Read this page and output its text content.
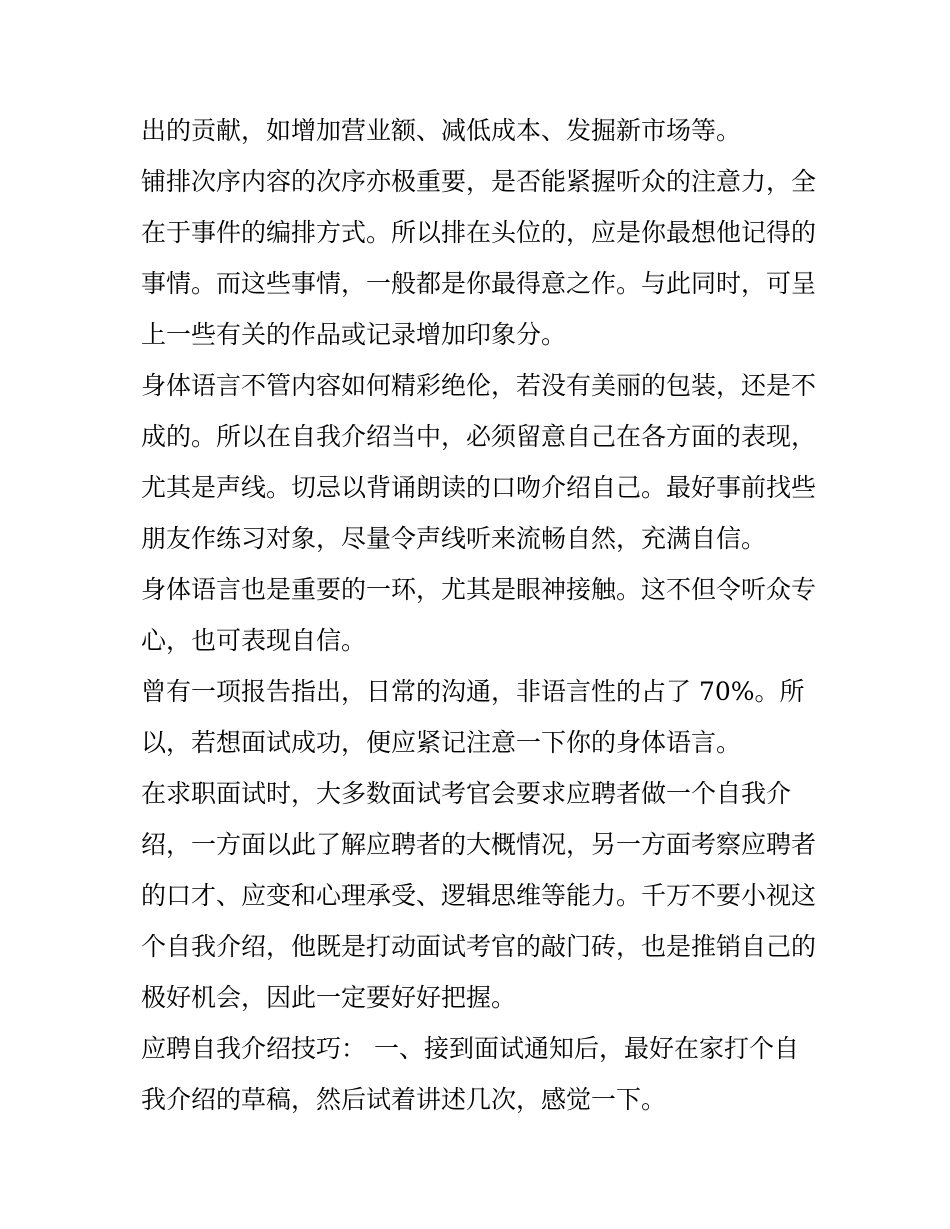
出的贡献，如增加营业额、减低成本、发掘新市场等。
铺排次序内容的次序亦极重要，是否能紧握听众的注意力，全
在于事件的编排方式。所以排在头位的，应是你最想他记得的
事情。而这些事情，一般都是你最得意之作。与此同时，可呈
上一些有关的作品或记录增加印象分。
身体语言不管内容如何精彩绝伦，若没有美丽的包装，还是不
成的。所以在自我介绍当中，必须留意自己在各方面的表现，
尤其是声线。切忌以背诵朗读的口吻介绍自己。最好事前找些
朋友作练习对象，尽量令声线听来流畅自然，充满自信。
身体语言也是重要的一环，尤其是眼神接触。这不但令听众专
心，也可表现自信。
曾有一项报告指出，日常的沟通，非语言性的占了 70%。所
以，若想面试成功，便应紧记注意一下你的身体语言。
在求职面试时，大多数面试考官会要求应聘者做一个自我介
绍，一方面以此了解应聘者的大概情况，另一方面考察应聘者
的口才、应变和心理承受、逻辑思维等能力。千万不要小视这
个自我介绍，他既是打动面试考官的敲门砖，也是推销自己的
极好机会，因此一定要好好把握。
应聘自我介绍技巧： 一、接到面试通知后，最好在家打个自
我介绍的草稿，然后试着讲述几次，感觉一下。
